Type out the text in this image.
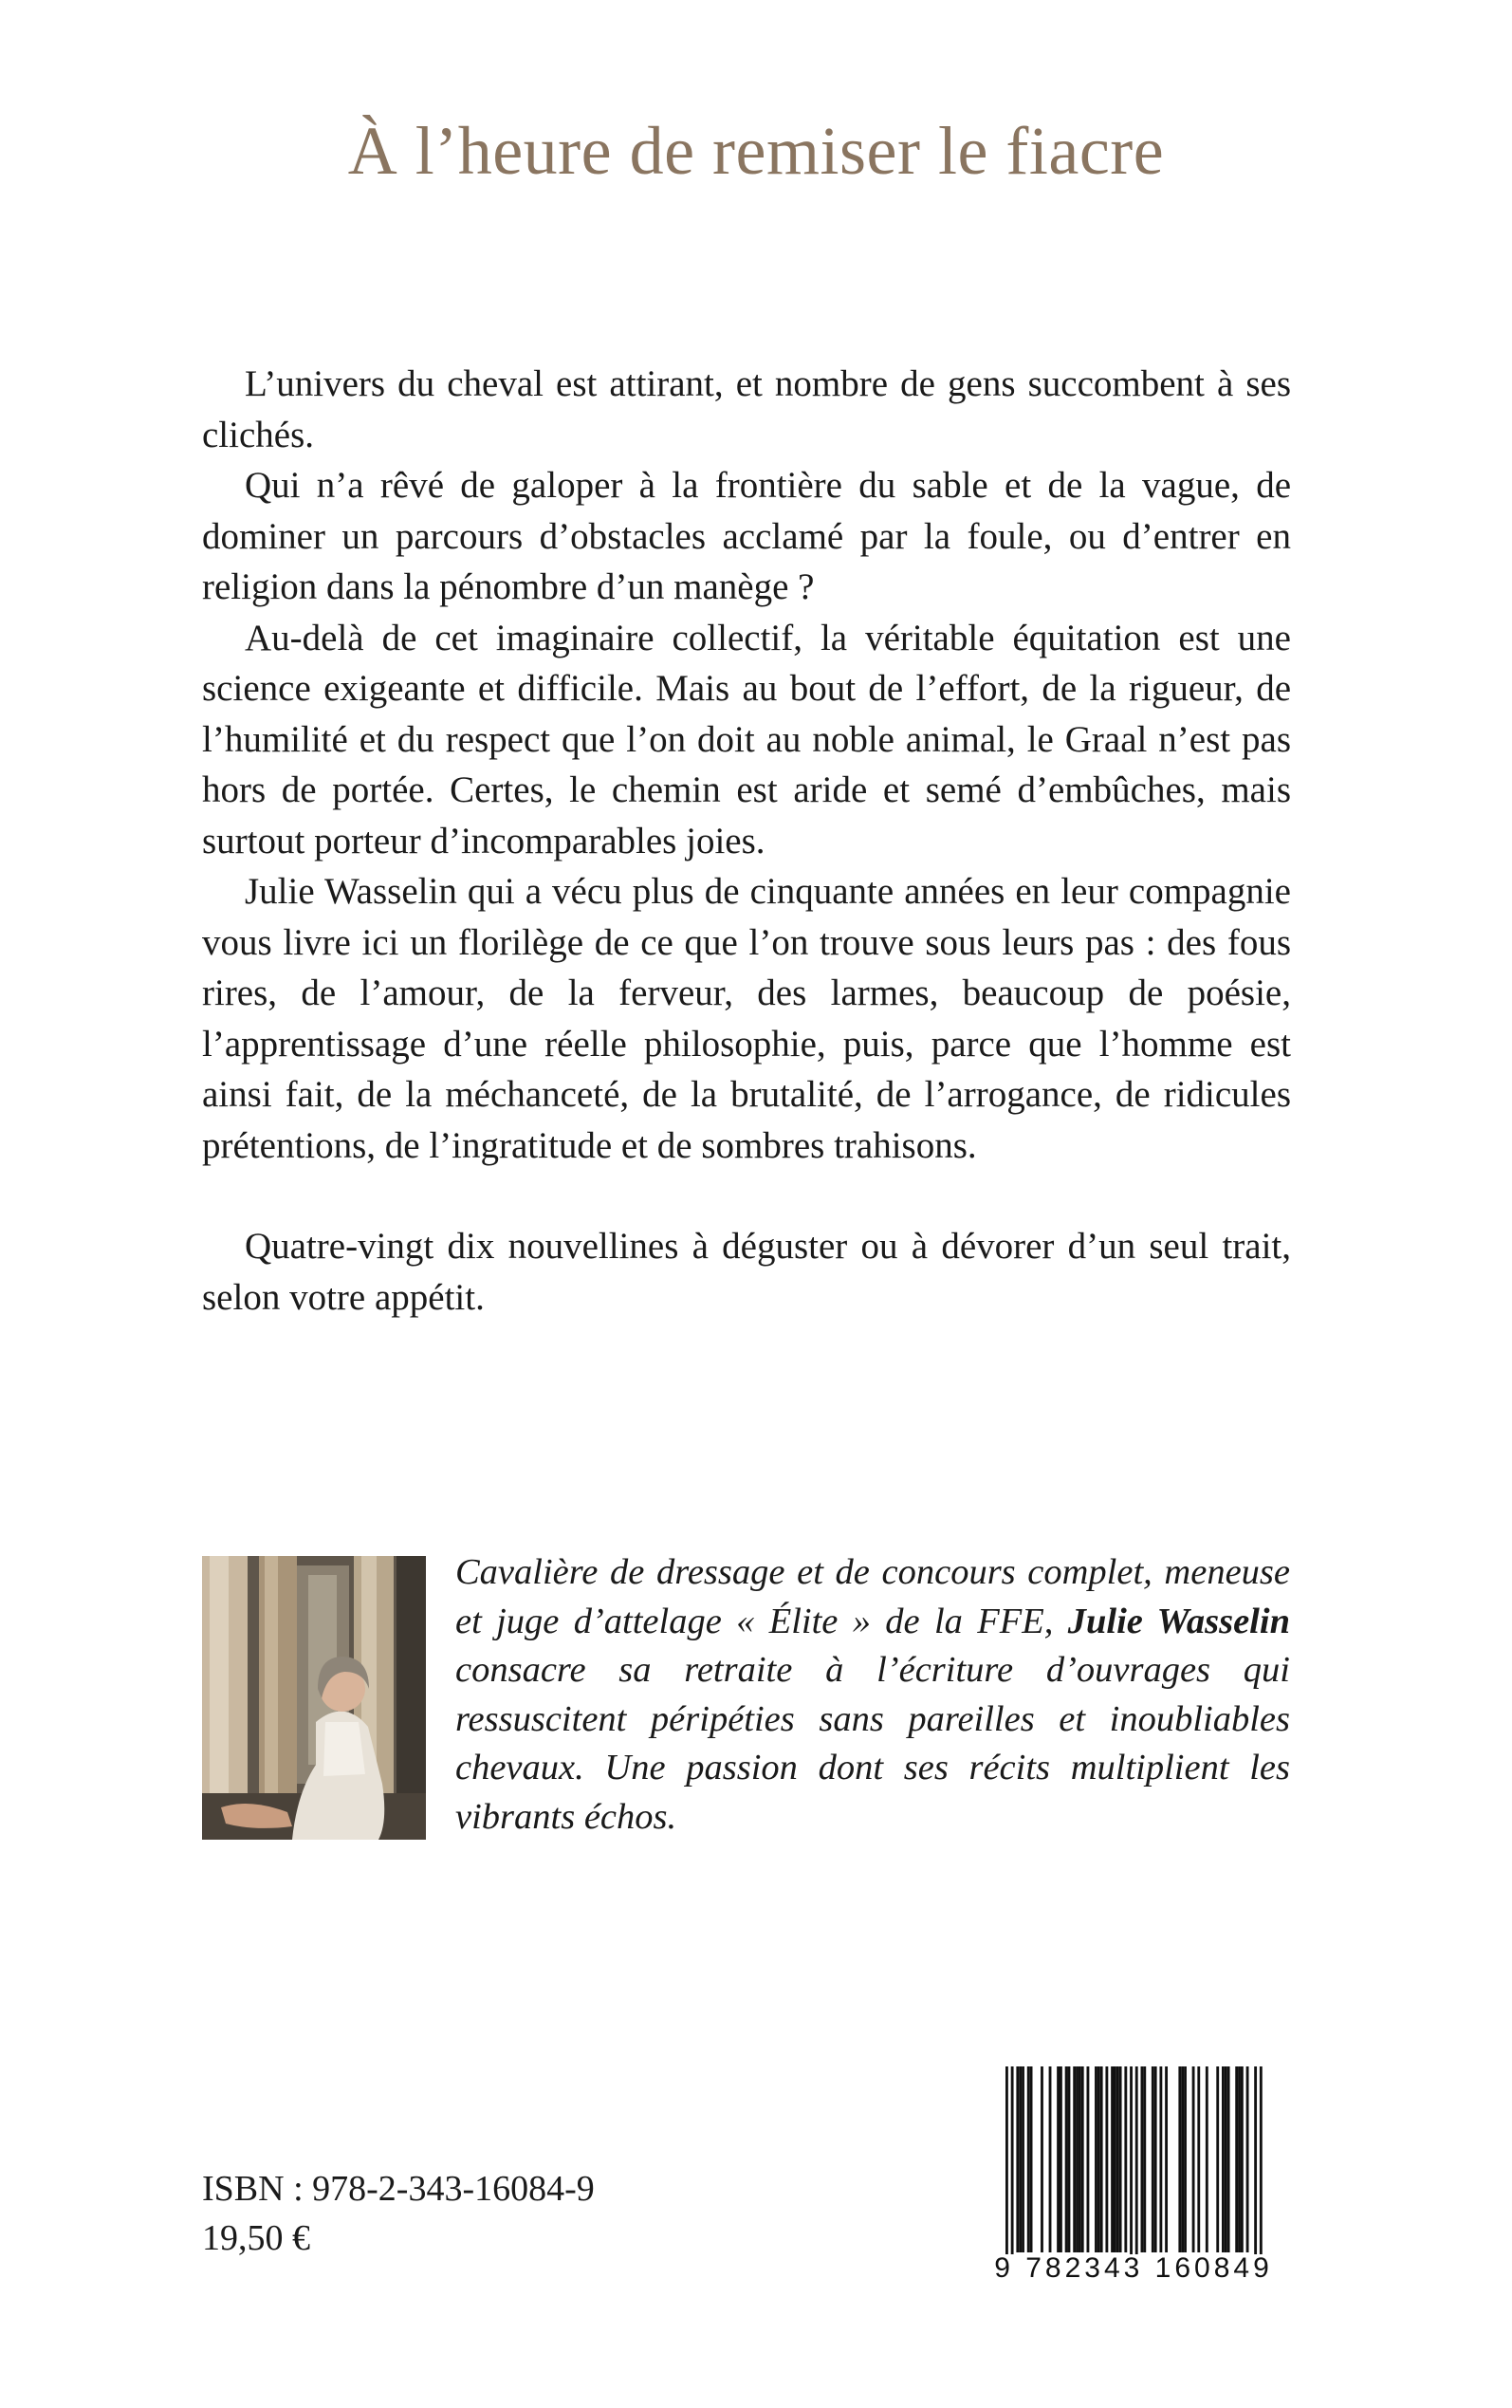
À l’heure de remiser le fiacre

L’univers du cheval est attirant, et nombre de gens succombent à ses clichés.

Qui n’a rêvé de galoper à la frontière du sable et de la vague, de dominer un parcours d’obstacles acclamé par la foule, ou d’entrer en religion dans la pénombre d’un manège ?

Au-delà de cet imaginaire collectif, la véritable équitation est une science exigeante et difficile. Mais au bout de l’effort, de la rigueur, de l’humilité et du respect que l’on doit au noble animal, le Graal n’est pas hors de portée. Certes, le chemin est aride et semé d’embûches, mais surtout porteur d’incomparables joies.

Julie Wasselin qui a vécu plus de cinquante années en leur compagnie vous livre ici un florilège de ce que l’on trouve sous leurs pas : des fous rires, de l’amour, de la ferveur, des larmes, beaucoup de poésie, l’apprentissage d’une réelle philosophie, puis, parce que l’homme est ainsi fait, de la méchanceté, de la brutalité, de l’arrogance, de ridicules prétentions, de l’ingratitude et de sombres trahisons.

Quatre-vingt dix nouvellines à déguster ou à dévorer d’un seul trait, selon votre appétit.

Cavalière de dressage et de concours complet, meneuse et juge d’attelage « Élite » de la FFE, Julie Wasselin consacre sa retraite à l’écriture d’ouvrages qui ressuscitent péripéties sans pareilles et inoubliables chevaux. Une passion dont ses récits multiplient les vibrants échos.

ISBN : 978-2-343-16084-9
19,50 €
9 782343 160849
